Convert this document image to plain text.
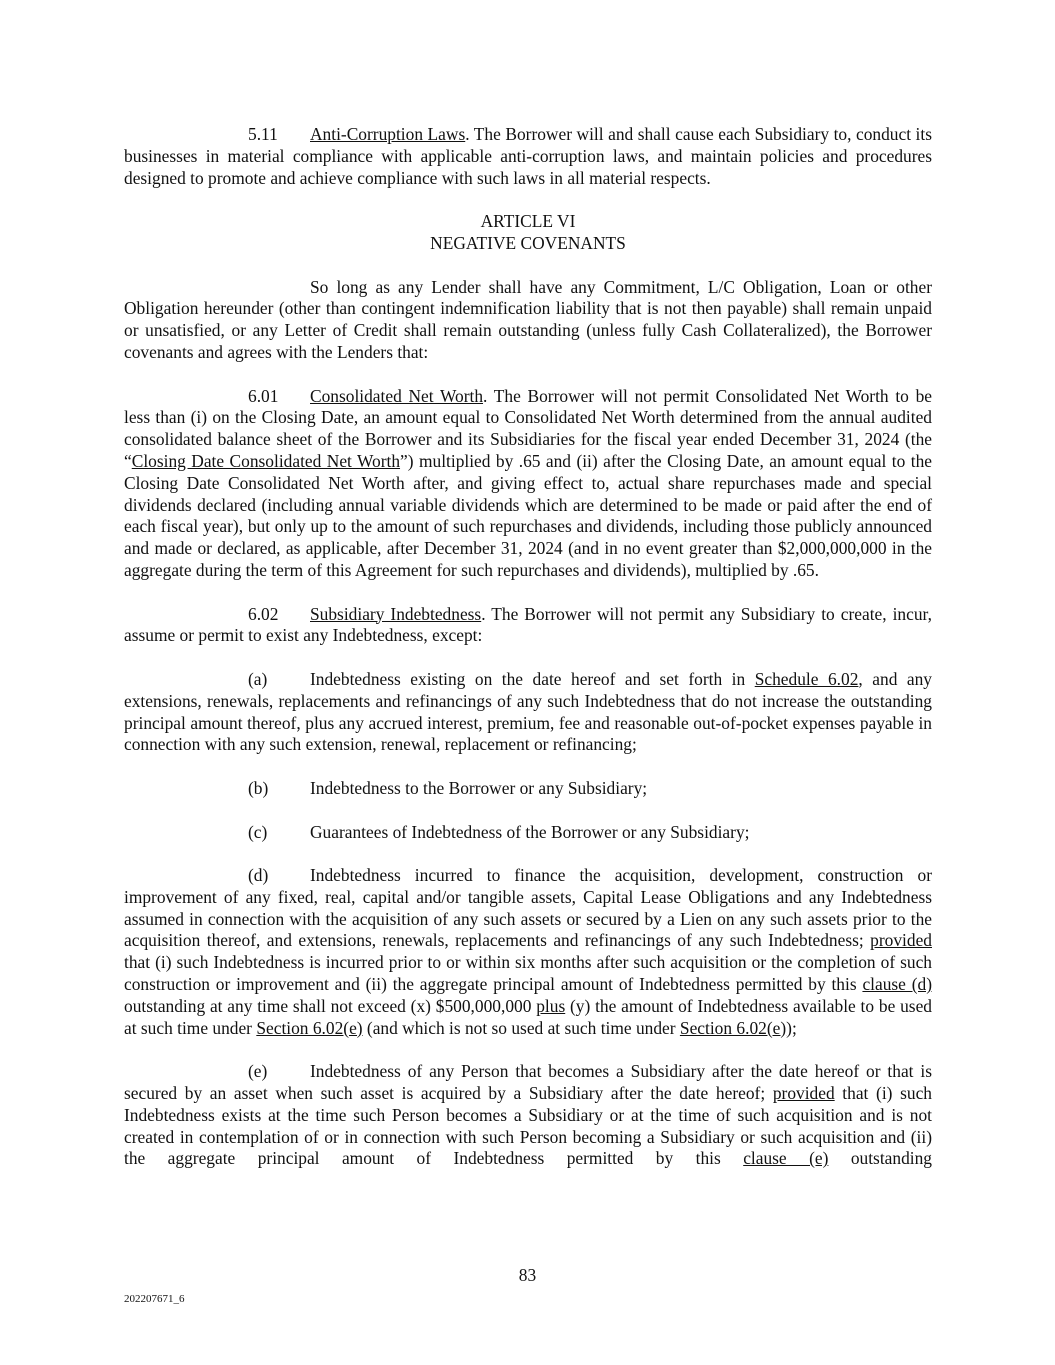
5.11 Anti-Corruption Laws. The Borrower will and shall cause each Subsidiary to, conduct its businesses in material compliance with applicable anti-corruption laws, and maintain policies and procedures designed to promote and achieve compliance with such laws in all material respects.

ARTICLE VI

NEGATIVE COVENANTS

So long as any Lender shall have any Commitment, L/C Obligation, Loan or other Obligation hereunder (other than contingent indemnification liability that is not then payable) shall remain unpaid or unsatisfied, or any Letter of Credit shall remain outstanding (unless fully Cash Collateralized), the Borrower covenants and agrees with the Lenders that:

6.01 Consolidated Net Worth. The Borrower will not permit Consolidated Net Worth to be less than (i) on the Closing Date, an amount equal to Consolidated Net Worth determined from the annual audited consolidated balance sheet of the Borrower and its Subsidiaries for the fiscal year ended December 31, 2024 (the “Closing Date Consolidated Net Worth”) multiplied by .65 and (ii) after the Closing Date, an amount equal to the Closing Date Consolidated Net Worth after, and giving effect to, actual share repurchases made and special dividends declared (including annual variable dividends which are determined to be made or paid after the end of each fiscal year), but only up to the amount of such repurchases and dividends, including those publicly announced and made or declared, as applicable, after December 31, 2024 (and in no event greater than $2,000,000,000 in the aggregate during the term of this Agreement for such repurchases and dividends), multiplied by .65.

6.02 Subsidiary Indebtedness. The Borrower will not permit any Subsidiary to create, incur, assume or permit to exist any Indebtedness, except:

(a) Indebtedness existing on the date hereof and set forth in Schedule 6.02, and any extensions, renewals, replacements and refinancings of any such Indebtedness that do not increase the outstanding principal amount thereof, plus any accrued interest, premium, fee and reasonable out-of-pocket expenses payable in connection with any such extension, renewal, replacement or refinancing;

(b) Indebtedness to the Borrower or any Subsidiary;

(c) Guarantees of Indebtedness of the Borrower or any Subsidiary;

(d) Indebtedness incurred to finance the acquisition, development, construction or improvement of any fixed, real, capital and/or tangible assets, Capital Lease Obligations and any Indebtedness assumed in connection with the acquisition of any such assets or secured by a Lien on any such assets prior to the acquisition thereof, and extensions, renewals, replacements and refinancings of any such Indebtedness; provided that (i) such Indebtedness is incurred prior to or within six months after such acquisition or the completion of such construction or improvement and (ii) the aggregate principal amount of Indebtedness permitted by this clause (d) outstanding at any time shall not exceed (x) $500,000,000 plus (y) the amount of Indebtedness available to be used at such time under Section 6.02(e) (and which is not so used at such time under Section 6.02(e));

(e) Indebtedness of any Person that becomes a Subsidiary after the date hereof or that is secured by an asset when such asset is acquired by a Subsidiary after the date hereof; provided that (i) such Indebtedness exists at the time such Person becomes a Subsidiary or at the time of such acquisition and is not created in contemplation of or in connection with such Person becoming a Subsidiary or such acquisition and (ii) the aggregate principal amount of Indebtedness permitted by this clause (e) outstanding

83
202207671_6
